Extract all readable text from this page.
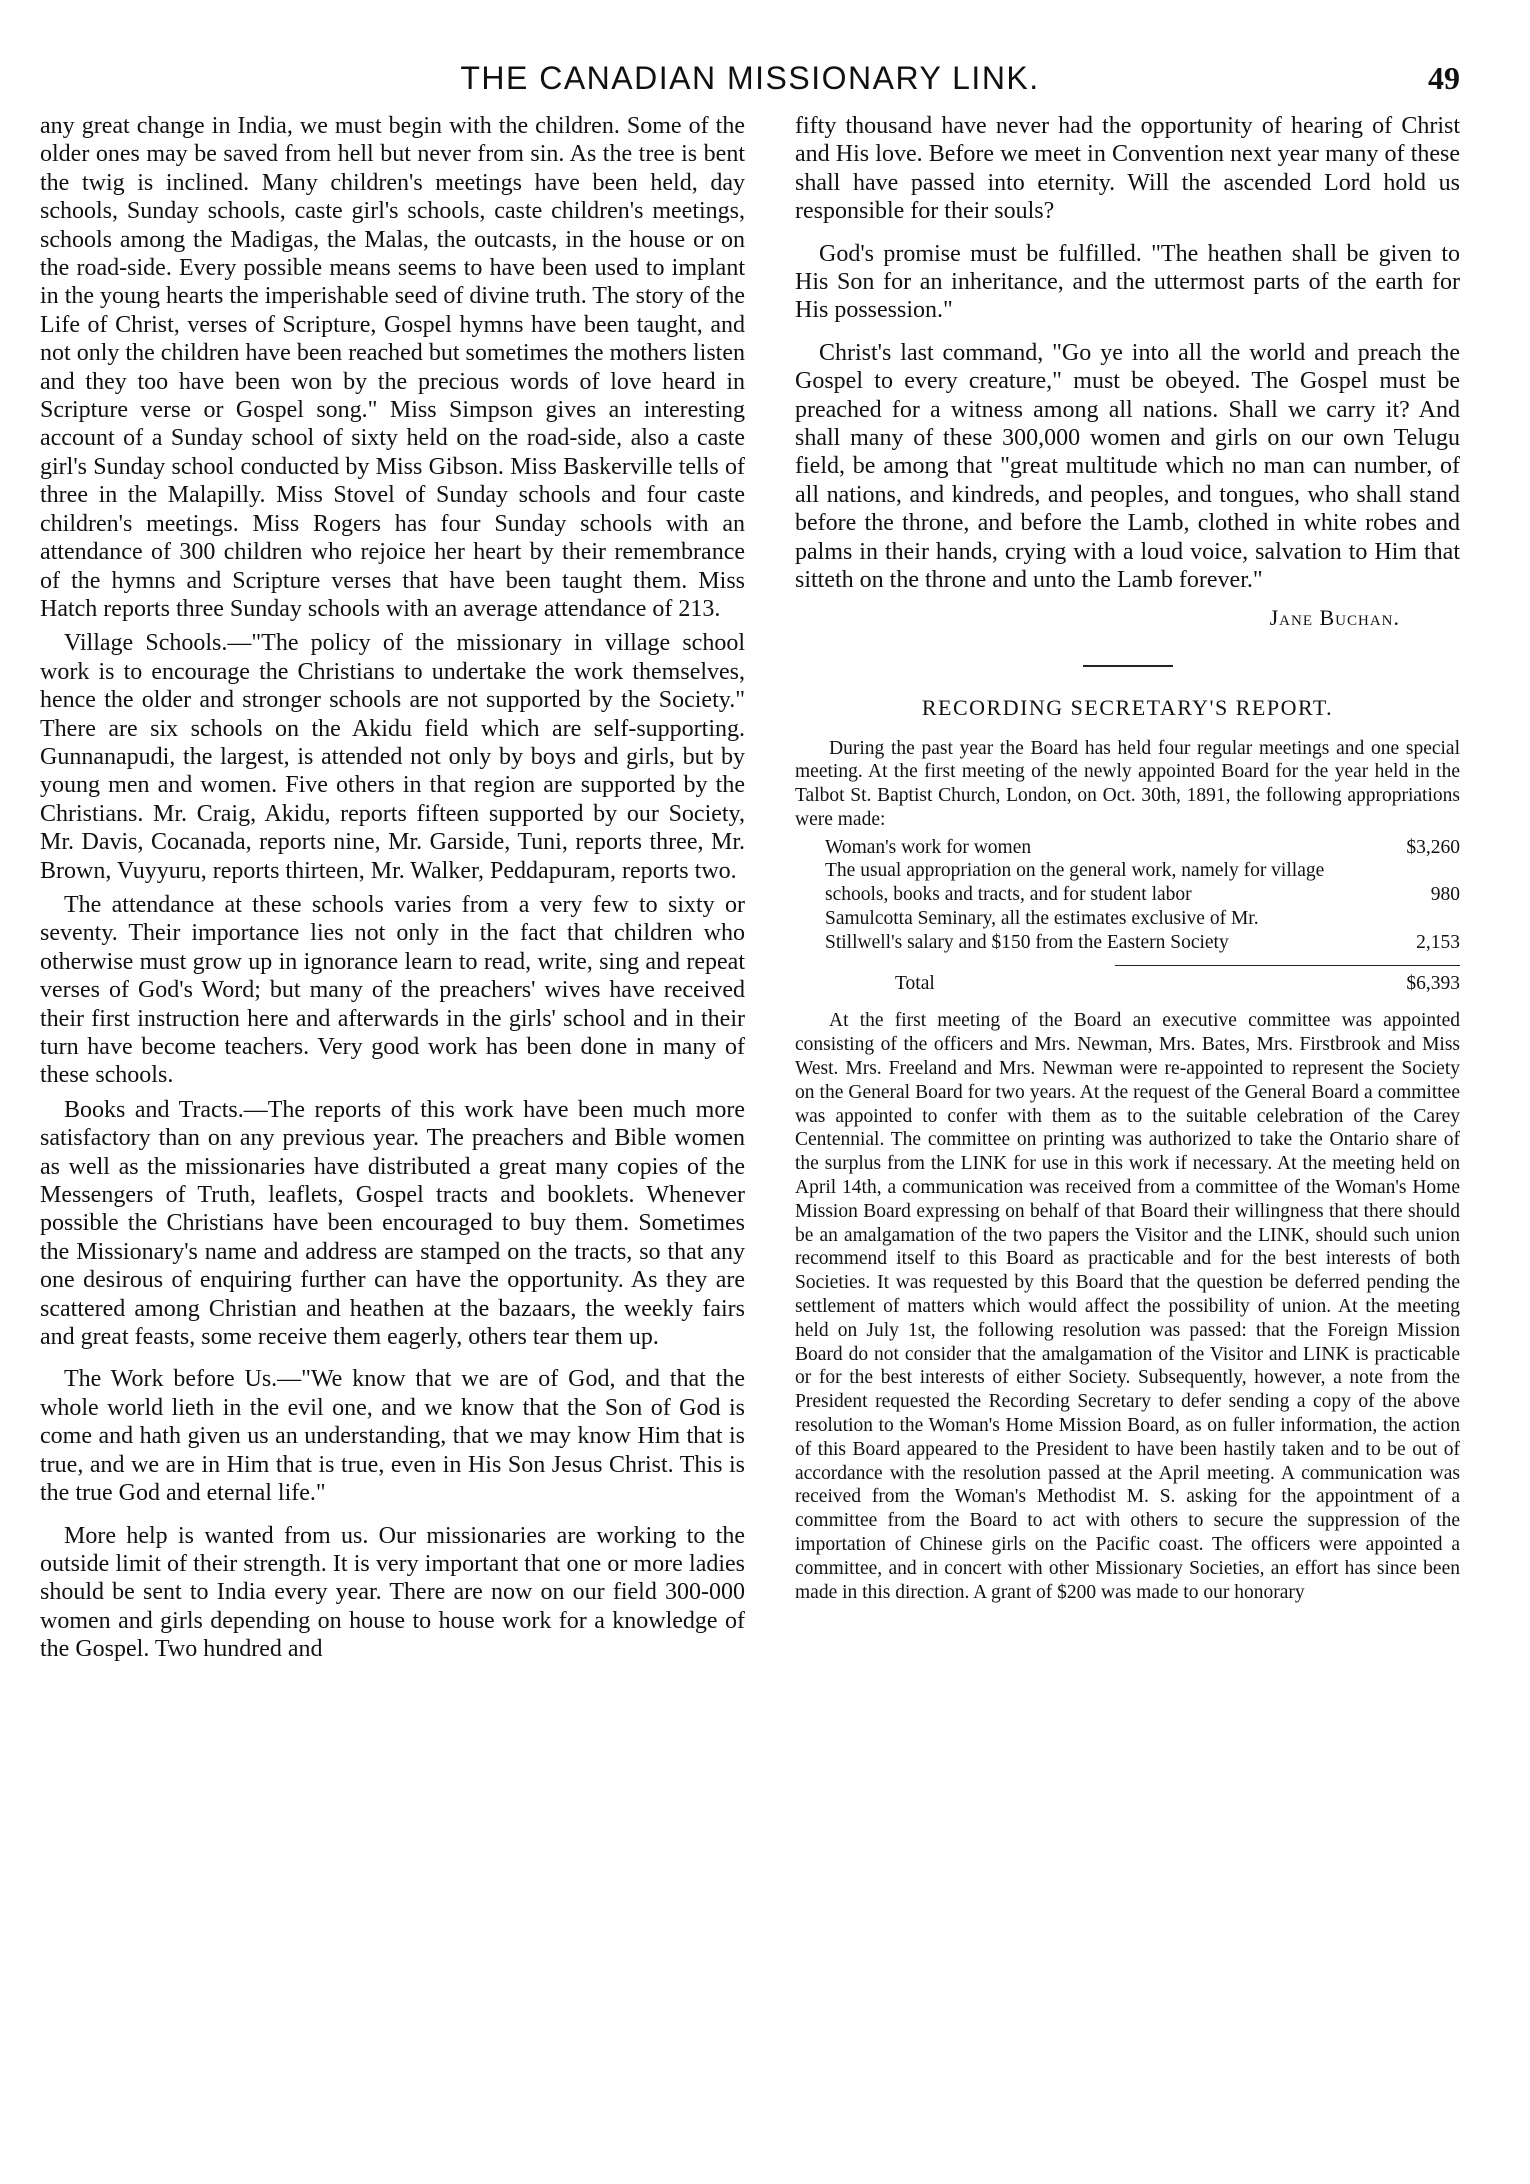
THE CANADIAN MISSIONARY LINK.	49

any great change in India, we must begin with the children. Some of the older ones may be saved from hell but never from sin. As the tree is bent the twig is inclined. Many children's meetings have been held, day schools, Sunday schools, caste girl's schools, caste children's meetings, schools among the Madigas, the Malas, the outcasts, in the house or on the road-side. Every possible means seems to have been used to implant in the young hearts the imperishable seed of divine truth. The story of the Life of Christ, verses of Scripture, Gospel hymns have been taught, and not only the children have been reached but sometimes the mothers listen and they too have been won by the precious words of love heard in Scripture verse or Gospel song." Miss Simpson gives an interesting account of a Sunday school of sixty held on the road-side, also a caste girl's Sunday school conducted by Miss Gibson. Miss Baskerville tells of three in the Malapilly. Miss Stovel of Sunday schools and four caste children's meetings. Miss Rogers has four Sunday schools with an attendance of 300 children who rejoice her heart by their remembrance of the hymns and Scripture verses that have been taught them. Miss Hatch reports three Sunday schools with an average attendance of 213.

Village Schools.—"The policy of the missionary in village school work is to encourage the Christians to undertake the work themselves, hence the older and stronger schools are not supported by the Society." There are six schools on the Akidu field which are self-supporting. Gunnanapudi, the largest, is attended not only by boys and girls, but by young men and women. Five others in that region are supported by the Christians. Mr. Craig, Akidu, reports fifteen supported by our Society, Mr. Davis, Cocanada, reports nine, Mr. Garside, Tuni, reports three, Mr. Brown, Vuyyuru, reports thirteen, Mr. Walker, Peddapuram, reports two.

The attendance at these schools varies from a very few to sixty or seventy. Their importance lies not only in the fact that children who otherwise must grow up in ignorance learn to read, write, sing and repeat verses of God's Word; but many of the preachers' wives have received their first instruction here and afterwards in the girls' school and in their turn have become teachers. Very good work has been done in many of these schools.

Books and Tracts.—The reports of this work have been much more satisfactory than on any previous year. The preachers and Bible women as well as the missionaries have distributed a great many copies of the Messengers of Truth, leaflets, Gospel tracts and booklets. Whenever possible the Christians have been encouraged to buy them. Sometimes the Missionary's name and address are stamped on the tracts, so that any one desirous of enquiring further can have the opportunity. As they are scattered among Christian and heathen at the bazaars, the weekly fairs and great feasts, some receive them eagerly, others tear them up.

The Work before Us.—"We know that we are of God, and that the whole world lieth in the evil one, and we know that the Son of God is come and hath given us an understanding, that we may know Him that is true, and we are in Him that is true, even in His Son Jesus Christ. This is the true God and eternal life."

More help is wanted from us. Our missionaries are working to the outside limit of their strength. It is very important that one or more ladies should be sent to India every year. There are now on our field 300-000 women and girls depending on house to house work for a knowledge of the Gospel. Two hundred and

fifty thousand have never had the opportunity of hearing of Christ and His love. Before we meet in Convention next year many of these shall have passed into eternity. Will the ascended Lord hold us responsible for their souls?

God's promise must be fulfilled. "The heathen shall be given to His Son for an inheritance, and the uttermost parts of the earth for His possession."

Christ's last command, "Go ye into all the world and preach the Gospel to every creature," must be obeyed. The Gospel must be preached for a witness among all nations. Shall we carry it? And shall many of these 300,000 women and girls on our own Telugu field, be among that "great multitude which no man can number, of all nations, and kindreds, and peoples, and tongues, who shall stand before the throne, and before the Lamb, clothed in white robes and palms in their hands, crying with a loud voice, salvation to Him that sitteth on the throne and unto the Lamb forever."

Jane Buchan.
RECORDING SECRETARY'S REPORT.

During the past year the Board has held four regular meetings and one special meeting. At the first meeting of the newly appointed Board for the year held in the Talbot St. Baptist Church, London, on Oct. 30th, 1891, the following appropriations were made:

Woman's work for women	$3,260
The usual appropriation on the general work, namely for village schools, books and tracts, and for student labor	980
Samulcotta Seminary, all the estimates exclusive of Mr. Stillwell's salary and $150 from the Eastern Society	2,153
Total	$6,393

At the first meeting of the Board an executive committee was appointed consisting of the officers and Mrs. Newman, Mrs. Bates, Mrs. Firstbrook and Miss West. Mrs. Freeland and Mrs. Newman were re-appointed to represent the Society on the General Board for two years. At the request of the General Board a committee was appointed to confer with them as to the suitable celebration of the Carey Centennial. The committee on printing was authorized to take the Ontario share of the surplus from the LINK for use in this work if necessary. At the meeting held on April 14th, a communication was received from a committee of the Woman's Home Mission Board expressing on behalf of that Board their willingness that there should be an amalgamation of the two papers the Visitor and the LINK, should such union recommend itself to this Board as practicable and for the best interests of both Societies. It was requested by this Board that the question be deferred pending the settlement of matters which would affect the possibility of union. At the meeting held on July 1st, the following resolution was passed: that the Foreign Mission Board do not consider that the amalgamation of the Visitor and LINK is practicable or for the best interests of either Society. Subsequently, however, a note from the President requested the Recording Secretary to defer sending a copy of the above resolution to the Woman's Home Mission Board, as on fuller information, the action of this Board appeared to the President to have been hastily taken and to be out of accordance with the resolution passed at the April meeting. A communication was received from the Woman's Methodist M. S. asking for the appointment of a committee from the Board to act with others to secure the suppression of the importation of Chinese girls on the Pacific coast. The officers were appointed a committee, and in concert with other Missionary Societies, an effort has since been made in this direction. A grant of $200 was made to our honorary
